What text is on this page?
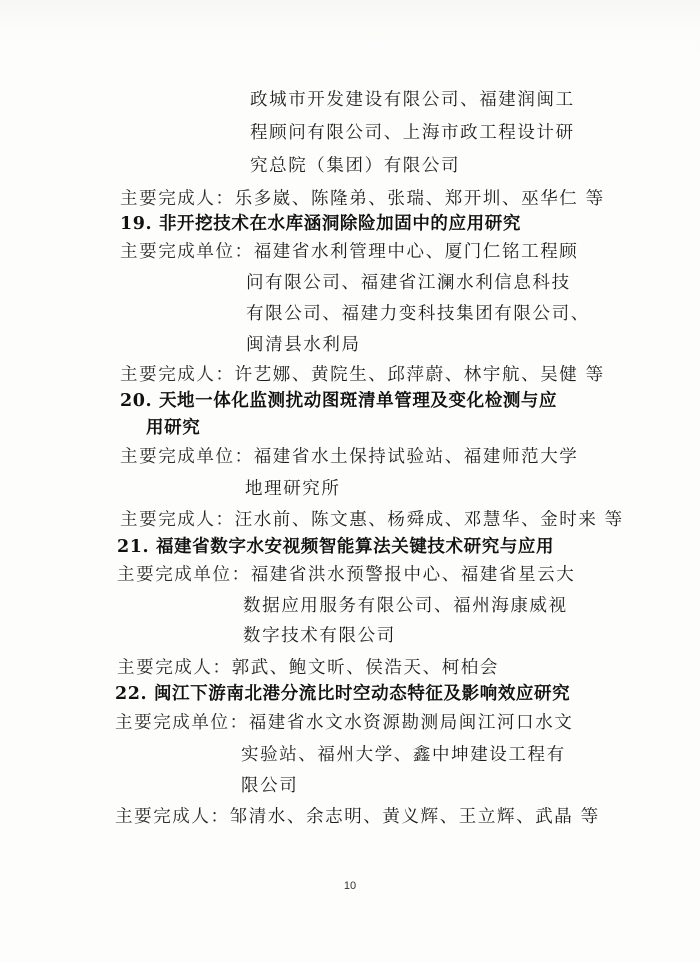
政城市开发建设有限公司、福建润闽工
程顾问有限公司、上海市政工程设计研
究总院（集团）有限公司
主要完成人：乐多崴、陈隆弟、张瑞、郑开圳、巫华仁 等
19. 非开挖技术在水库涵洞除险加固中的应用研究
主要完成单位：福建省水利管理中心、厦门仁铭工程顾
问有限公司、福建省江澜水利信息科技
有限公司、福建力变科技集团有限公司、
闽清县水利局
主要完成人：许艺娜、黄院生、邱萍蔚、林宇航、吴健 等
20. 天地一体化监测扰动图斑清单管理及变化检测与应
用研究
主要完成单位：福建省水土保持试验站、福建师范大学
地理研究所
主要完成人：汪水前、陈文惠、杨舜成、邓慧华、金时来 等
21. 福建省数字水安视频智能算法关键技术研究与应用
主要完成单位：福建省洪水预警报中心、福建省星云大
数据应用服务有限公司、福州海康威视
数字技术有限公司
主要完成人：郭武、鲍文昕、侯浩天、柯柏会
22. 闽江下游南北港分流比时空动态特征及影响效应研究
主要完成单位：福建省水文水资源勘测局闽江河口水文
实验站、福州大学、鑫中坤建设工程有
限公司
主要完成人：邹清水、余志明、黄义辉、王立辉、武晶 等
10
